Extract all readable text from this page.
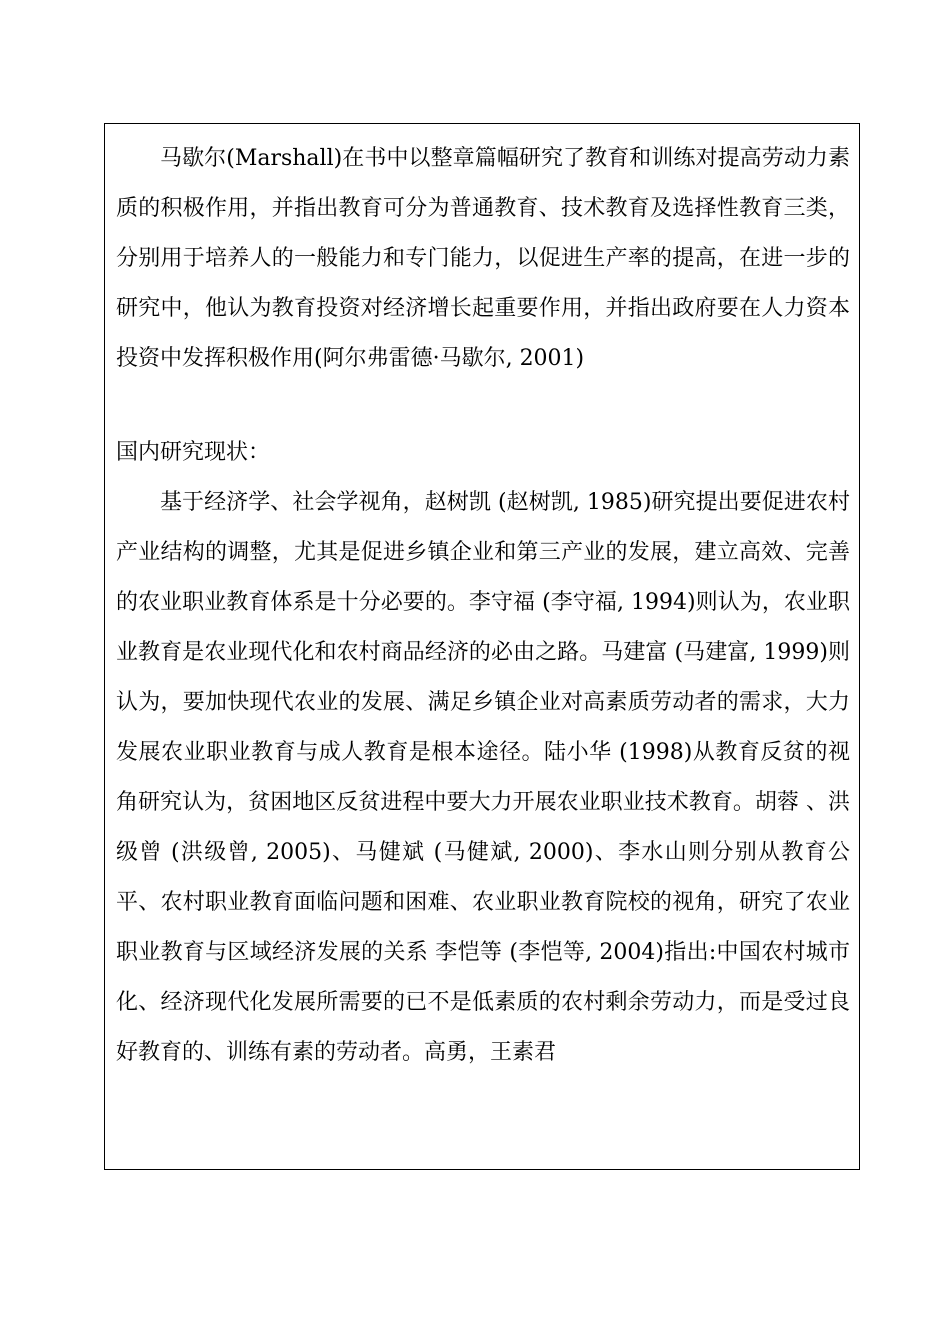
马歇尔(Marshall)在书中以整章篇幅研究了教育和训练对提高劳动力素质的积极作用，并指出教育可分为普通教育、技术教育及选择性教育三类，分别用于培养人的一般能力和专门能力，以促进生产率的提高，在进一步的研究中，他认为教育投资对经济增长起重要作用，并指出政府要在人力资本投资中发挥积极作用(阿尔弗雷德·马歇尔, 2001)

国内研究现状：

基于经济学、社会学视角，赵树凯 (赵树凯, 1985)研究提出要促进农村产业结构的调整，尤其是促进乡镇企业和第三产业的发展，建立高效、完善的农业职业教育体系是十分必要的。李守福 (李守福, 1994)则认为，农业职业教育是农业现代化和农村商品经济的必由之路。马建富 (马建富, 1999)则认为，要加快现代农业的发展、满足乡镇企业对高素质劳动者的需求，大力发展农业职业教育与成人教育是根本途径。陆小华 (1998)从教育反贫的视角研究认为，贫困地区反贫进程中要大力开展农业职业技术教育。胡蓉 、洪级曾 (洪级曾, 2005)、马健斌 (马健斌, 2000)、李水山则分别从教育公平、农村职业教育面临问题和困难、农业职业教育院校的视角，研究了农业职业教育与区域经济发展的关系 李恺等 (李恺等, 2004)指出:中国农村城市化、经济现代化发展所需要的已不是低素质的农村剩余劳动力，而是受过良好教育的、训练有素的劳动者。高勇，王素君
